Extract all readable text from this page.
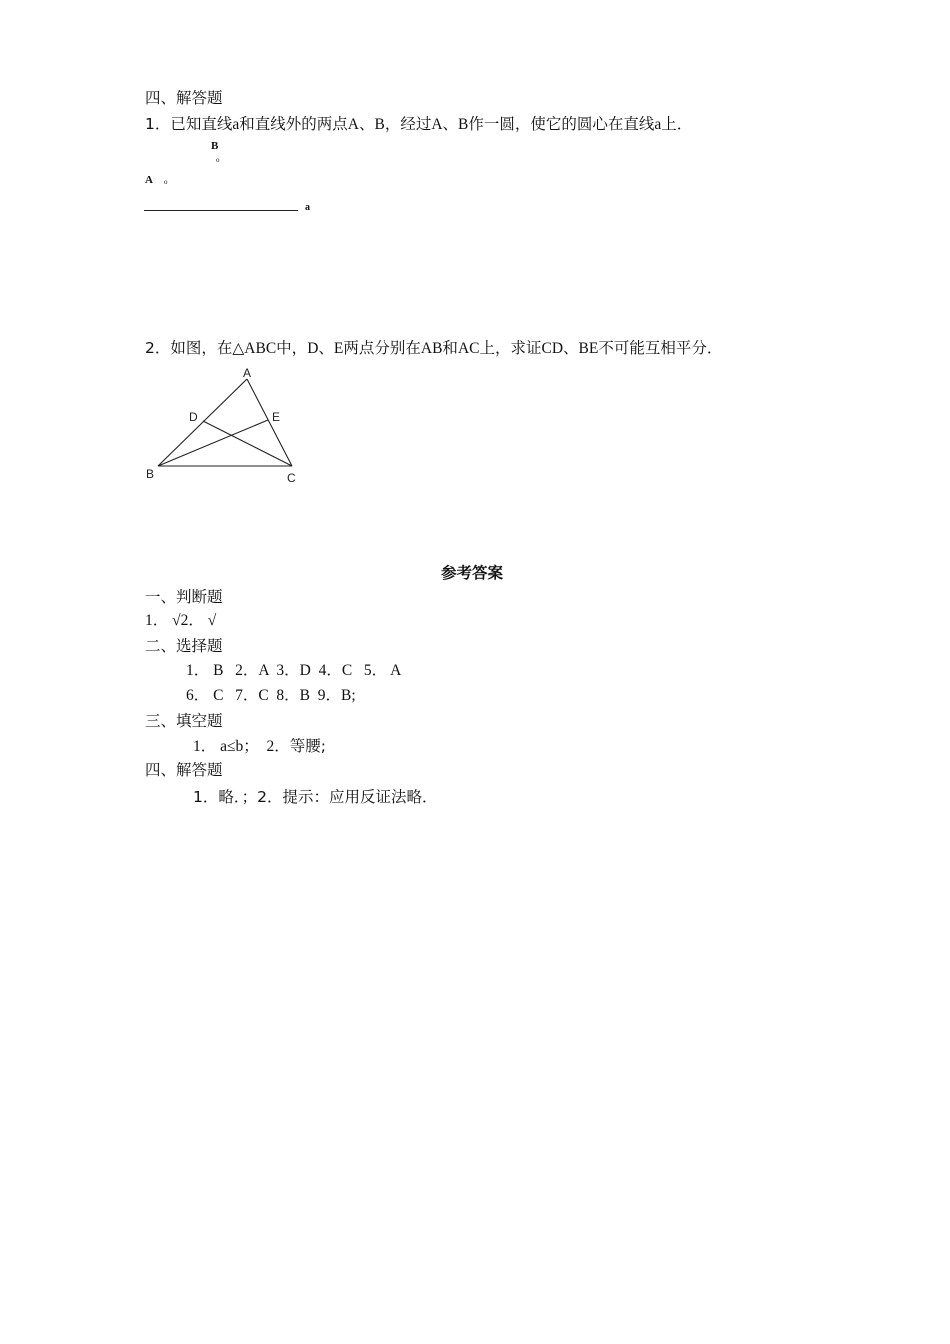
四、解答题
1．已知直线a和直线外的两点A、B，经过A、B作一圆，使它的圆心在直线a上．
B
o
A o
a
2．如图，在△ABC中，D、E两点分别在AB和AC上，求证CD、BE不可能互相平分．
A
D	E
B	C
参考答案
一、判断题
1． √2． √
二、选择题
1． B   2．A  3．D  4．C   5． A
6． C   7．C  8．B  9．B;
三、填空题
1． a≤b；  2．等腰;
四、解答题
1．略．；2．提示：应用反证法略．
